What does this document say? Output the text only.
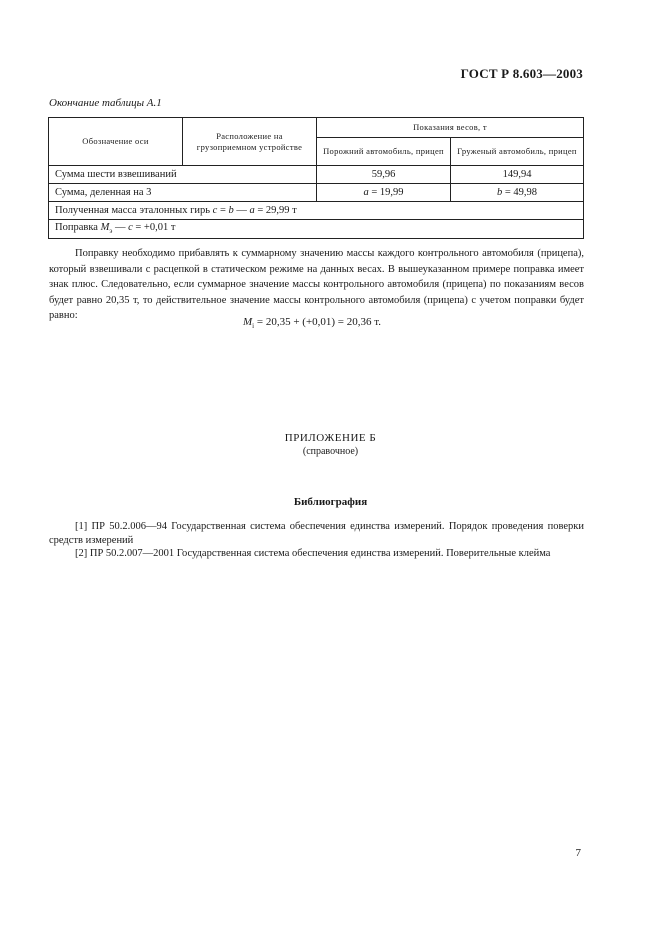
ГОСТ Р 8.603—2003
Окончание таблицы А.1
Обозначение оси	Расположение на грузоприемном устройстве	Показания весов, т	
		Порожний автомобиль, прицеп	Груженый автомобиль, прицеп
Сумма шести взвешиваний		59,96	149,94
Сумма, деленная на 3		a = 19,99	b = 49,98
Полученная масса эталонных гирь c = b — a = 29,99 т			
Поправка $M_э$ — c = +0,01 т			

Поправку необходимо прибавлять к суммарному значению массы каждого контрольного автомобиля (прицепа), который взвешивали с расцепкой в статическом режиме на данных весах. В вышеуказанном примере поправка имеет знак плюс. Следовательно, если суммарное значение массы контрольного автомобиля (прицепа) по показаниям весов будет равно 20,35 т, то действительное значение массы контрольного автомобиля (прицепа) с учетом поправки будет равно:

$M_i = 20,35 + (+0,01) = 20,36$ т.
ПРИЛОЖЕНИЕ Б
(справочное)
Библиография
[1] ПР 50.2.006—94 Государственная система обеспечения единства измерений. Порядок проведения поверки средств измерений
[2] ПР 50.2.007—2001 Государственная система обеспечения единства измерений. Поверительные клейма
7
